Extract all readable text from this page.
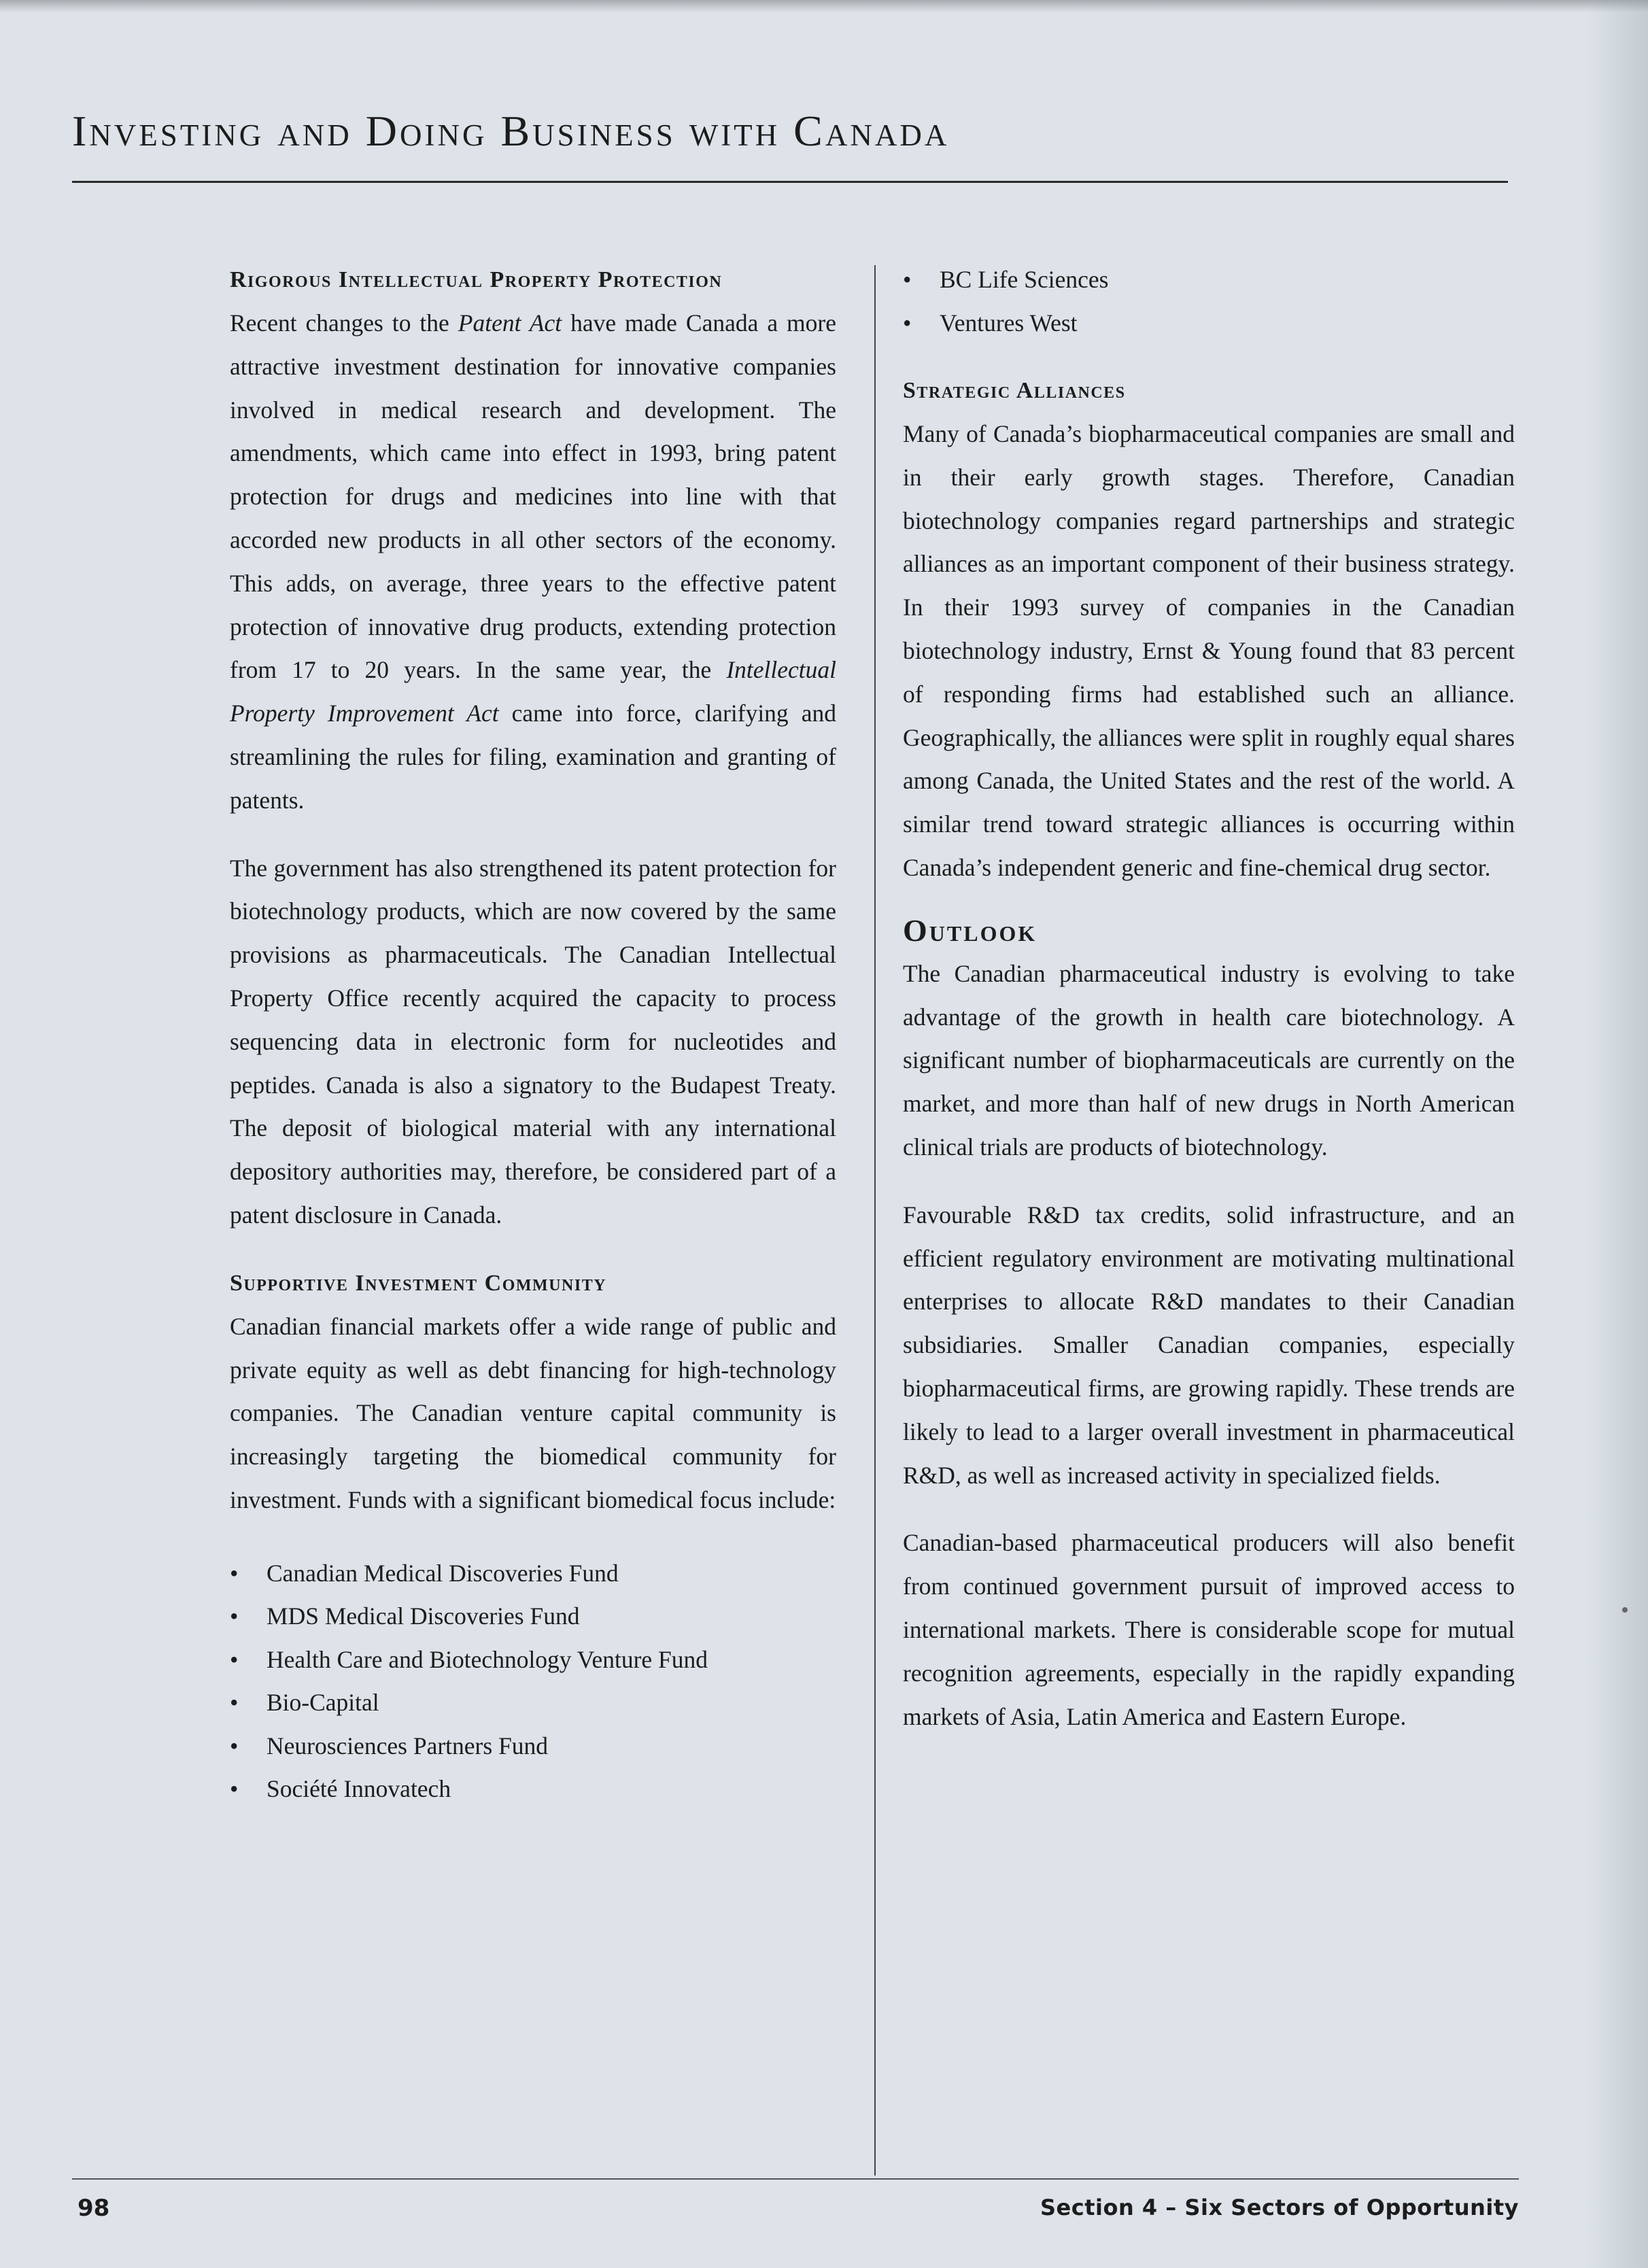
Investing and Doing Business with Canada
Rigorous Intellectual Property Protection

Recent changes to the Patent Act have made Canada a more attractive investment destination for innovative companies involved in medical research and development. The amendments, which came into effect in 1993, bring patent protection for drugs and medicines into line with that accorded new products in all other sectors of the economy. This adds, on average, three years to the effective patent protection of innovative drug products, extending protection from 17 to 20 years. In the same year, the Intellectual Property Improvement Act came into force, clarifying and streamlining the rules for filing, examination and granting of patents.

The government has also strengthened its patent protection for biotechnology products, which are now covered by the same provisions as pharmaceuticals. The Canadian Intellectual Property Office recently acquired the capacity to process sequencing data in electronic form for nucleotides and peptides. Canada is also a signatory to the Budapest Treaty. The deposit of biological material with any international depository authorities may, therefore, be considered part of a patent disclosure in Canada.

Supportive Investment Community

Canadian financial markets offer a wide range of public and private equity as well as debt financing for high-technology companies. The Canadian venture capital community is increasingly targeting the biomedical community for investment. Funds with a significant biomedical focus include:

• Canadian Medical Discoveries Fund
• MDS Medical Discoveries Fund
• Health Care and Biotechnology Venture Fund
• Bio-Capital
• Neurosciences Partners Fund
• Société Innovatech
• BC Life Sciences
• Ventures West
Strategic Alliances

Many of Canada’s biopharmaceutical companies are small and in their early growth stages. Therefore, Canadian biotechnology companies regard partnerships and strategic alliances as an important component of their business strategy. In their 1993 survey of companies in the Canadian biotechnology industry, Ernst & Young found that 83 percent of responding firms had established such an alliance. Geographically, the alliances were split in roughly equal shares among Canada, the United States and the rest of the world. A similar trend toward strategic alliances is occurring within Canada’s independent generic and fine-chemical drug sector.

Outlook

The Canadian pharmaceutical industry is evolving to take advantage of the growth in health care biotechnology. A significant number of biopharmaceuticals are currently on the market, and more than half of new drugs in North American clinical trials are products of biotechnology.

Favourable R&D tax credits, solid infrastructure, and an efficient regulatory environment are motivating multinational enterprises to allocate R&D mandates to their Canadian subsidiaries. Smaller Canadian companies, especially biopharmaceutical firms, are growing rapidly. These trends are likely to lead to a larger overall investment in pharmaceutical R&D, as well as increased activity in specialized fields.

Canadian-based pharmaceutical producers will also benefit from continued government pursuit of improved access to international markets. There is considerable scope for mutual recognition agreements, especially in the rapidly expanding markets of Asia, Latin America and Eastern Europe.

98	Section 4 – Six Sectors of Opportunity
